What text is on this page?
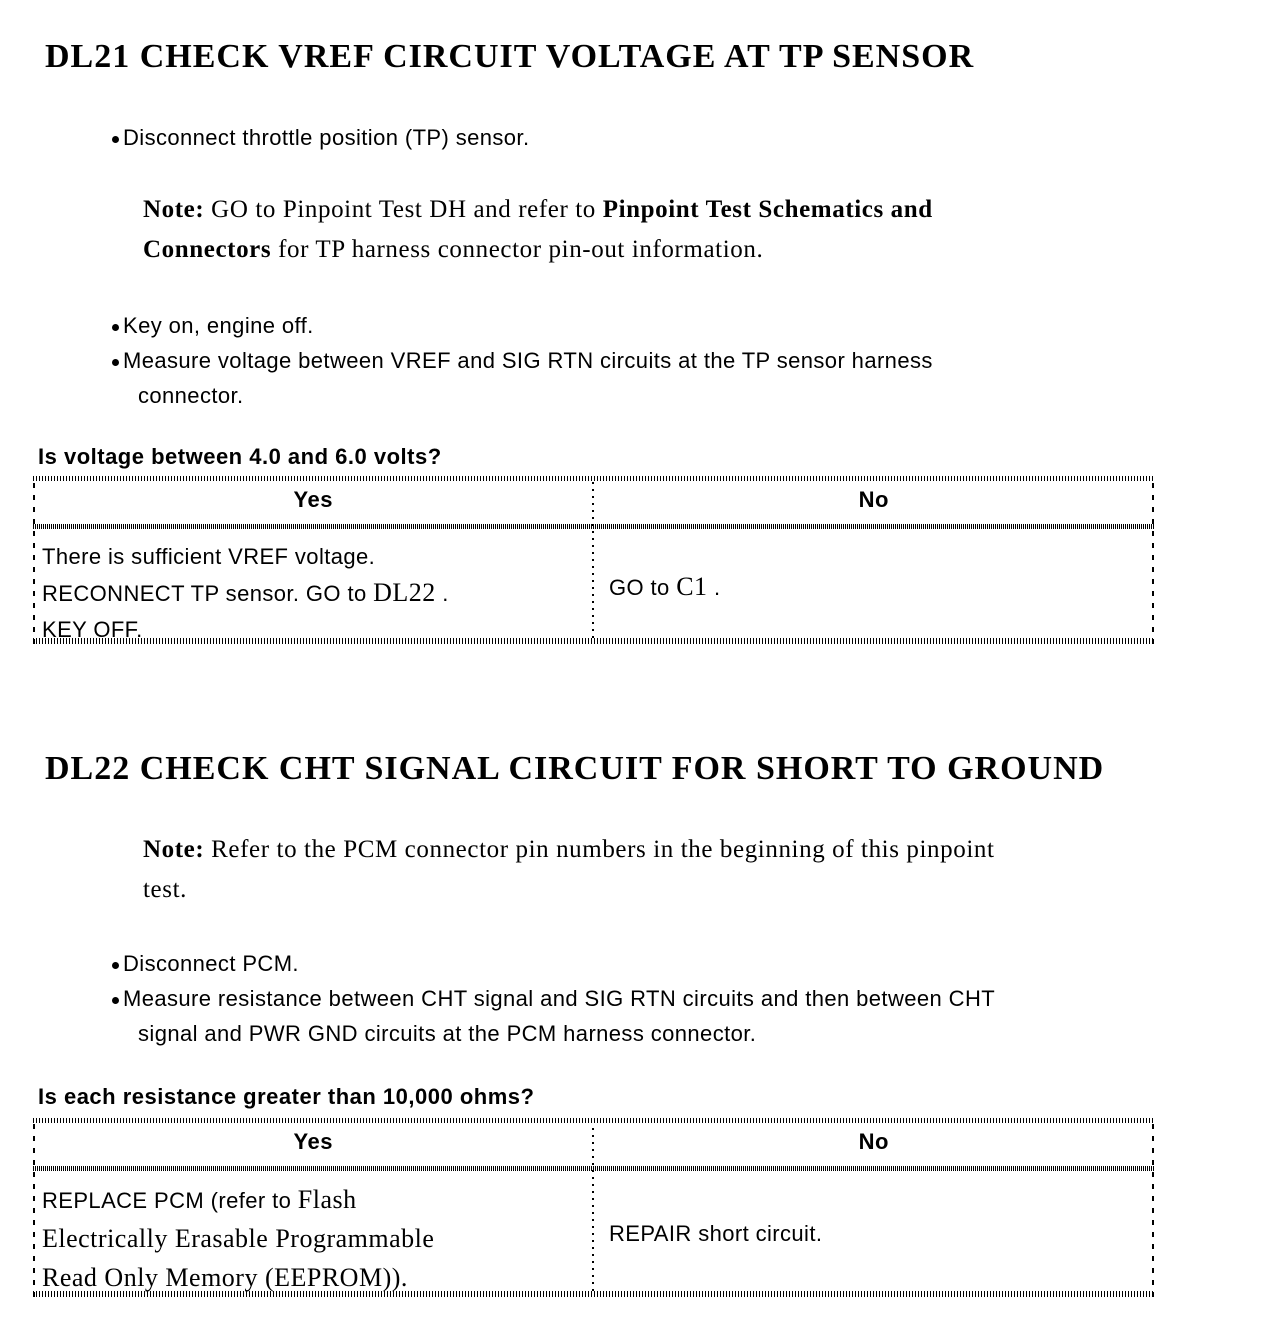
DL21 CHECK VREF CIRCUIT VOLTAGE AT TP SENSOR
Disconnect throttle position (TP) sensor.
Note: GO to Pinpoint Test DH and refer to Pinpoint Test Schematics and
Connectors for TP harness connector pin-out information.
Key on, engine off.
Measure voltage between VREF and SIG RTN circuits at the TP sensor harness
connector.
Is voltage between 4.0 and 6.0 volts?
Yes	No
There is sufficient VREF voltage.
RECONNECT TP sensor. GO to DL22 .
KEY OFF.
GO to C1 .
DL22 CHECK CHT SIGNAL CIRCUIT FOR SHORT TO GROUND
Note: Refer to the PCM connector pin numbers in the beginning of this pinpoint
test.
Disconnect PCM.
Measure resistance between CHT signal and SIG RTN circuits and then between CHT
signal and PWR GND circuits at the PCM harness connector.
Is each resistance greater than 10,000 ohms?
Yes	No
REPLACE PCM (refer to Flash
Electrically Erasable Programmable
Read Only Memory (EEPROM)).
REPAIR short circuit.
